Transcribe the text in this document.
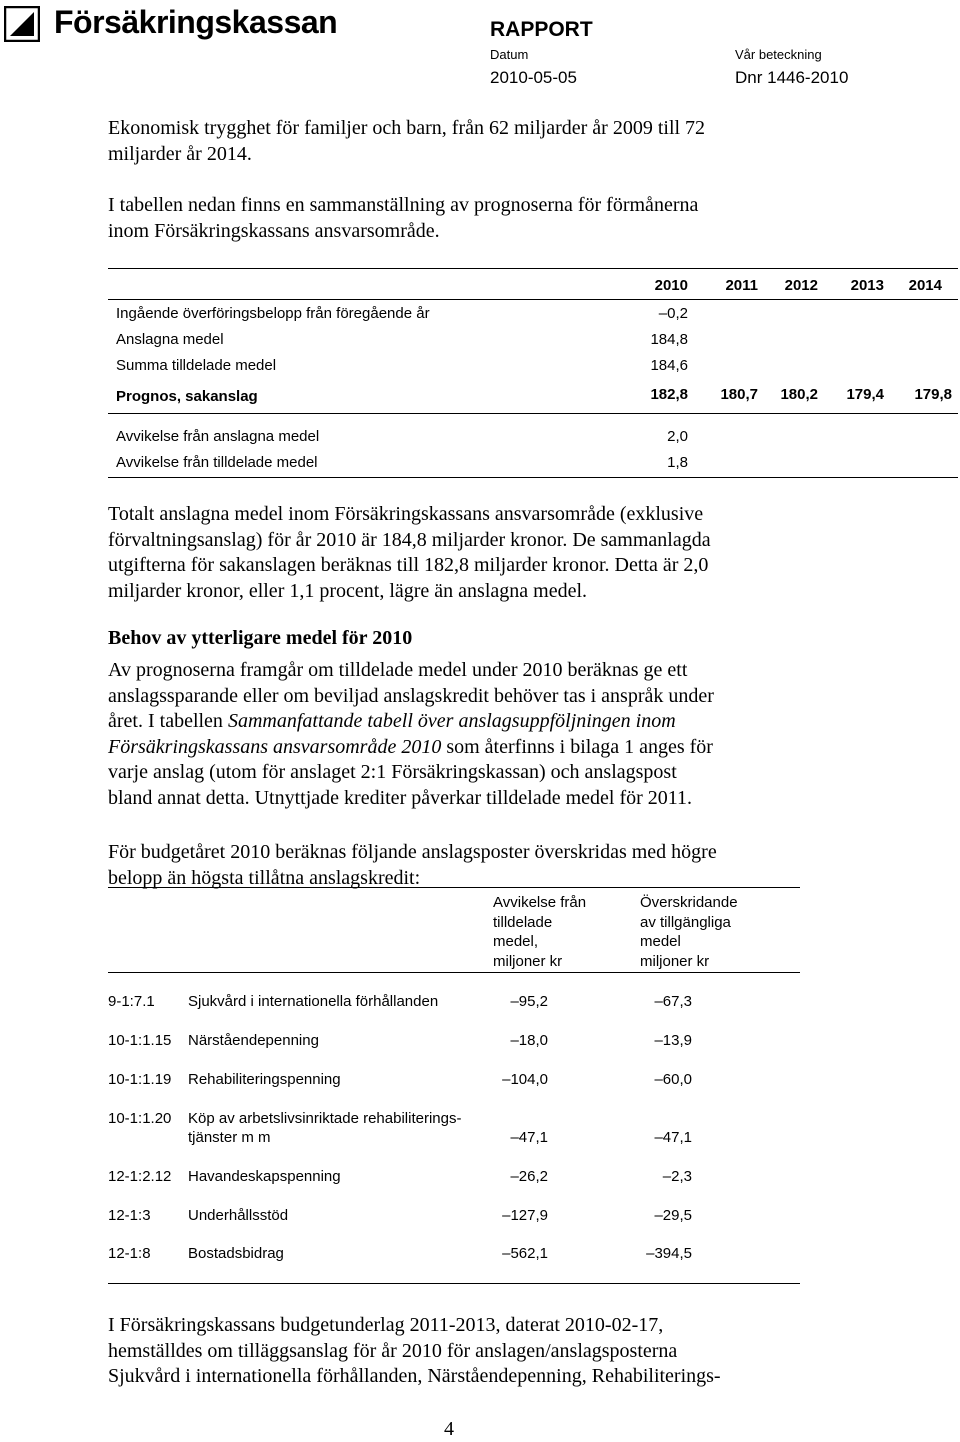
Försäkringskassan	RAPPORT
Datum	Vår beteckning
2010-05-05	Dnr 1446-2010
Ekonomisk trygghet för familjer och barn, från 62 miljarder år 2009 till 72
miljarder år 2014.
I tabellen nedan finns en sammanställning av prognoserna för förmånerna
inom Försäkringskassans ansvarsområde.
2010	2011	2012	2013	2014
Ingående överföringsbelopp från föregående år	–0,2
Anslagna medel	184,8
Summa tilldelade medel	184,6
Prognos, sakanslag	182,8	180,7	180,2	179,4	179,8
Avvikelse från anslagna medel	2,0
Avvikelse från tilldelade medel	1,8
Totalt anslagna medel inom Försäkringskassans ansvarsområde (exklusive
förvaltningsanslag) för år 2010 är 184,8 miljarder kronor. De sammanlagda
utgifterna för sakanslagen beräknas till 182,8 miljarder kronor. Detta är 2,0
miljarder kronor, eller 1,1 procent, lägre än anslagna medel.
Behov av ytterligare medel för 2010
Av prognoserna framgår om tilldelade medel under 2010 beräknas ge ett
anslagssparande eller om beviljad anslagskredit behöver tas i anspråk under
året. I tabellen Sammanfattande tabell över anslagsuppföljningen inom
Försäkringskassans ansvarsområde 2010 som återfinns i bilaga 1 anges för
varje anslag (utom för anslaget 2:1 Försäkringskassan) och anslagspost
bland annat detta. Utnyttjade krediter påverkar tilldelade medel för 2011.
För budgetåret 2010 beräknas följande anslagsposter överskridas med högre
belopp än högsta tillåtna anslagskredit:
Avvikelse från
tilldelade
medel,
miljoner kr
Överskridande
av tillgängliga
medel
miljoner kr
9-1:7.1 Sjukvård i internationella förhållanden	–95,2	–67,3
10-1:1.15 Närståendepenning	–18,0	–13,9
10-1:1.19 Rehabiliteringspenning	–104,0	–60,0
10-1:1.20 Köp av arbetslivsinriktade rehabiliterings-
tjänster m m	–47,1	–47,1
12-1:2.12 Havandeskapspenning	–26,2	–2,3
12-1:3 Underhållsstöd	–127,9	–29,5
12-1:8 Bostadsbidrag	–562,1	–394,5
I Försäkringskassans budgetunderlag 2011-2013, daterat 2010-02-17,
hemställdes om tilläggsanslag för år 2010 för anslagen/anslagsposterna
Sjukvård i internationella förhållanden, Närståendepenning, Rehabiliterings-
4
